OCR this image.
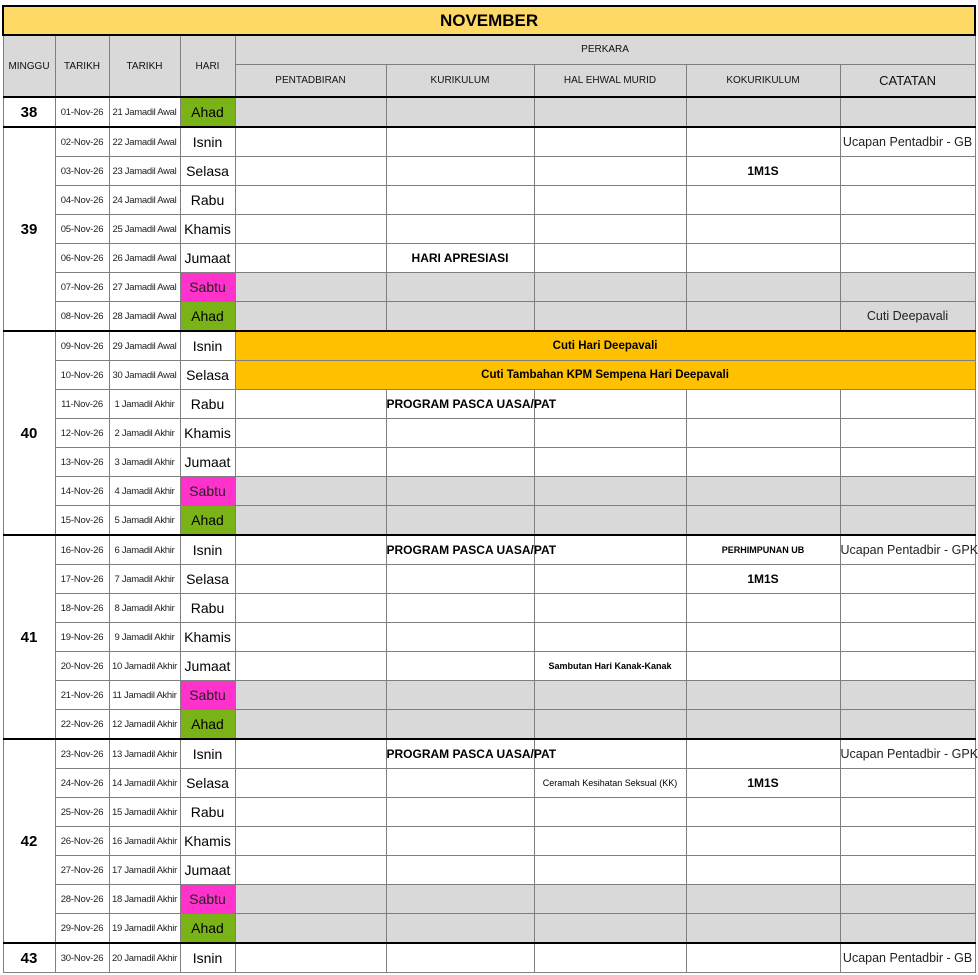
NOVEMBER								
MINGGU	TARIKH	TARIKH	HARI	PERKARA				
				PENTADBIRAN	KURIKULUM	HAL EHWAL MURID	KOKURIKULUM	CATATAN
38	01-Nov-26	21 Jamadil Awal	Ahad					
39	02-Nov-26	22 Jamadil Awal	Isnin					Ucapan Pentadbir - GB
	03-Nov-26	23 Jamadil Awal	Selasa				1M1S	
	04-Nov-26	24 Jamadil Awal	Rabu					
	05-Nov-26	25 Jamadil Awal	Khamis					
	06-Nov-26	26 Jamadil Awal	Jumaat		HARI APRESIASI			
	07-Nov-26	27 Jamadil Awal	Sabtu					
	08-Nov-26	28 Jamadil Awal	Ahad					Cuti Deepavali
40	09-Nov-26	29 Jamadil Awal	Isnin	Cuti Hari Deepavali				
	10-Nov-26	30 Jamadil Awal	Selasa	Cuti Tambahan KPM Sempena Hari Deepavali				
	11-Nov-26	1 Jamadil Akhir	Rabu		PROGRAM PASCA UASA/PAT			
	12-Nov-26	2 Jamadil Akhir	Khamis					
	13-Nov-26	3 Jamadil Akhir	Jumaat					
	14-Nov-26	4 Jamadil Akhir	Sabtu					
	15-Nov-26	5 Jamadil Akhir	Ahad					
41	16-Nov-26	6 Jamadil Akhir	Isnin		PROGRAM PASCA UASA/PAT		PERHIMPUNAN UB	Ucapan Pentadbir - GPK
	17-Nov-26	7 Jamadil Akhir	Selasa				1M1S	
	18-Nov-26	8 Jamadil Akhir	Rabu					
	19-Nov-26	9 Jamadil Akhir	Khamis					
	20-Nov-26	10 Jamadil Akhir	Jumaat			Sambutan Hari Kanak-Kanak		
	21-Nov-26	11 Jamadil Akhir	Sabtu					
	22-Nov-26	12 Jamadil Akhir	Ahad					
42	23-Nov-26	13 Jamadil Akhir	Isnin		PROGRAM PASCA UASA/PAT			Ucapan Pentadbir - GPK
	24-Nov-26	14 Jamadil Akhir	Selasa			Ceramah Kesihatan Seksual (KK)	1M1S	
	25-Nov-26	15 Jamadil Akhir	Rabu					
	26-Nov-26	16 Jamadil Akhir	Khamis					
	27-Nov-26	17 Jamadil Akhir	Jumaat					
	28-Nov-26	18 Jamadil Akhir	Sabtu					
	29-Nov-26	19 Jamadil Akhir	Ahad					
43	30-Nov-26	20 Jamadil Akhir	Isnin					Ucapan Pentadbir - GB
